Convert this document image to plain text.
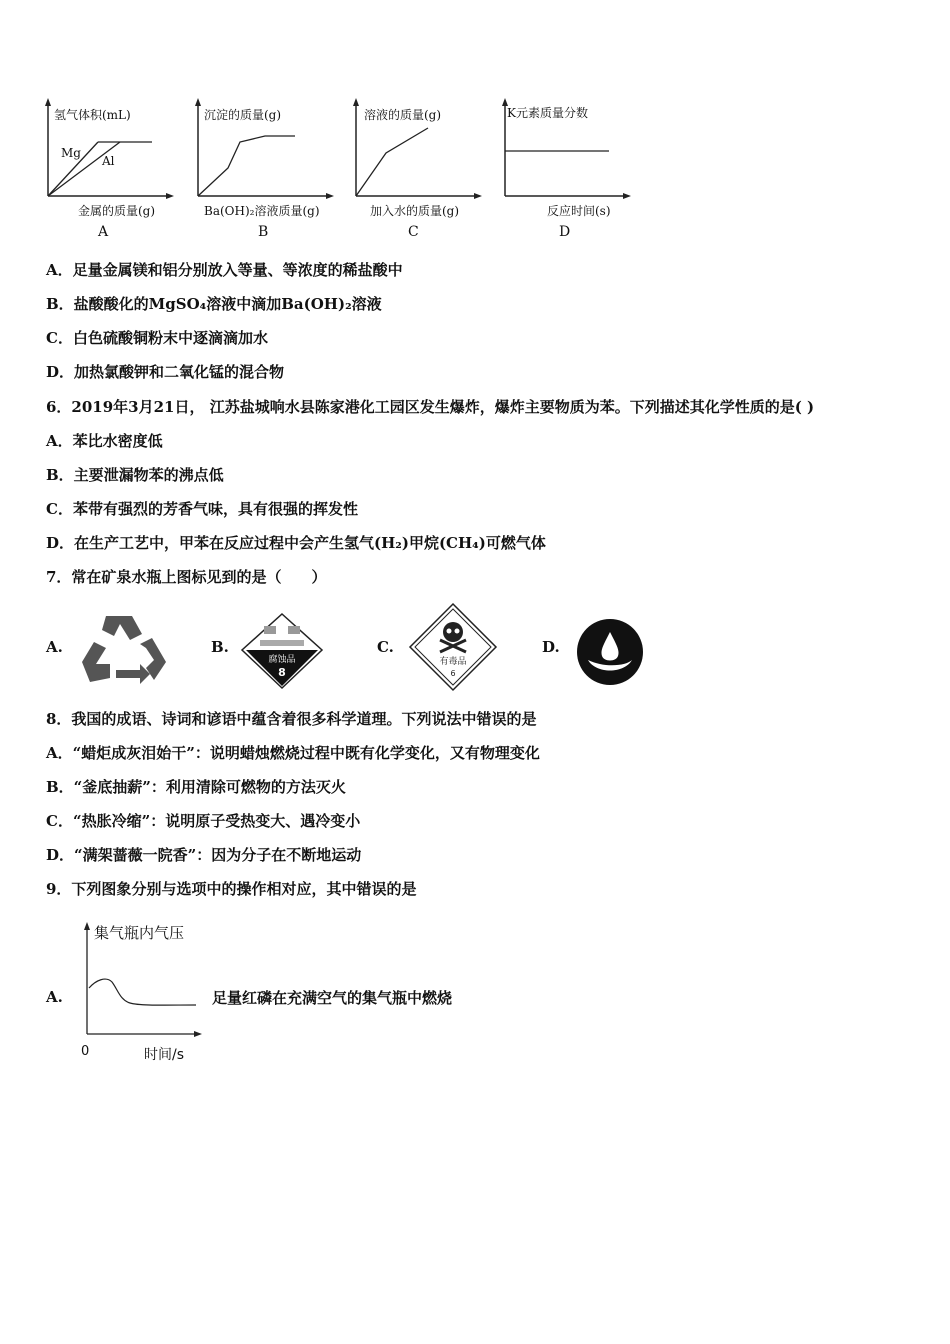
氢气体积(mL)
Mg
Al
金属的质量(g)
A
沉淀的质量(g)
Ba(OH)₂溶液质量(g)
B
溶液的质量(g)
加入水的质量(g)
C
K元素质量分数
反应时间(s)
D
A．足量金属镁和铝分别放入等量、等浓度的稀盐酸中
B．盐酸酸化的MgSO₄溶液中滴加Ba(OH)₂溶液
C．白色硫酸铜粉末中逐滴滴加水
D．加热氯酸钾和二氧化锰的混合物
6．2019年3月21日， 江苏盐城响水县陈家港化工园区发生爆炸，爆炸主要物质为苯。下列描述其化学性质的是( )
A．苯比水密度低
B．主要泄漏物苯的沸点低
C．苯带有强烈的芳香气味，具有很强的挥发性
D．在生产工艺中，甲苯在反应过程中会产生氢气(H₂)甲烷(CH₄)可燃气体
7．常在矿泉水瓶上图标见到的是（　　）
A.	B.
腐蚀品
8
C.
有毒品
6
D.
8．我国的成语、诗词和谚语中蕴含着很多科学道理。下列说法中错误的是
A．“蜡炬成灰泪始干”：说明蜡烛燃烧过程中既有化学变化，又有物理变化
B．“釜底抽薪”：利用清除可燃物的方法灭火
C．“热胀冷缩”：说明原子受热变大、遇冷变小
D．“满架蔷薇一院香”：因为分子在不断地运动
9．下列图象分别与选项中的操作相对应，其中错误的是
A.
集气瓶内气压
0	时间/s
足量红磷在充满空气的集气瓶中燃烧
